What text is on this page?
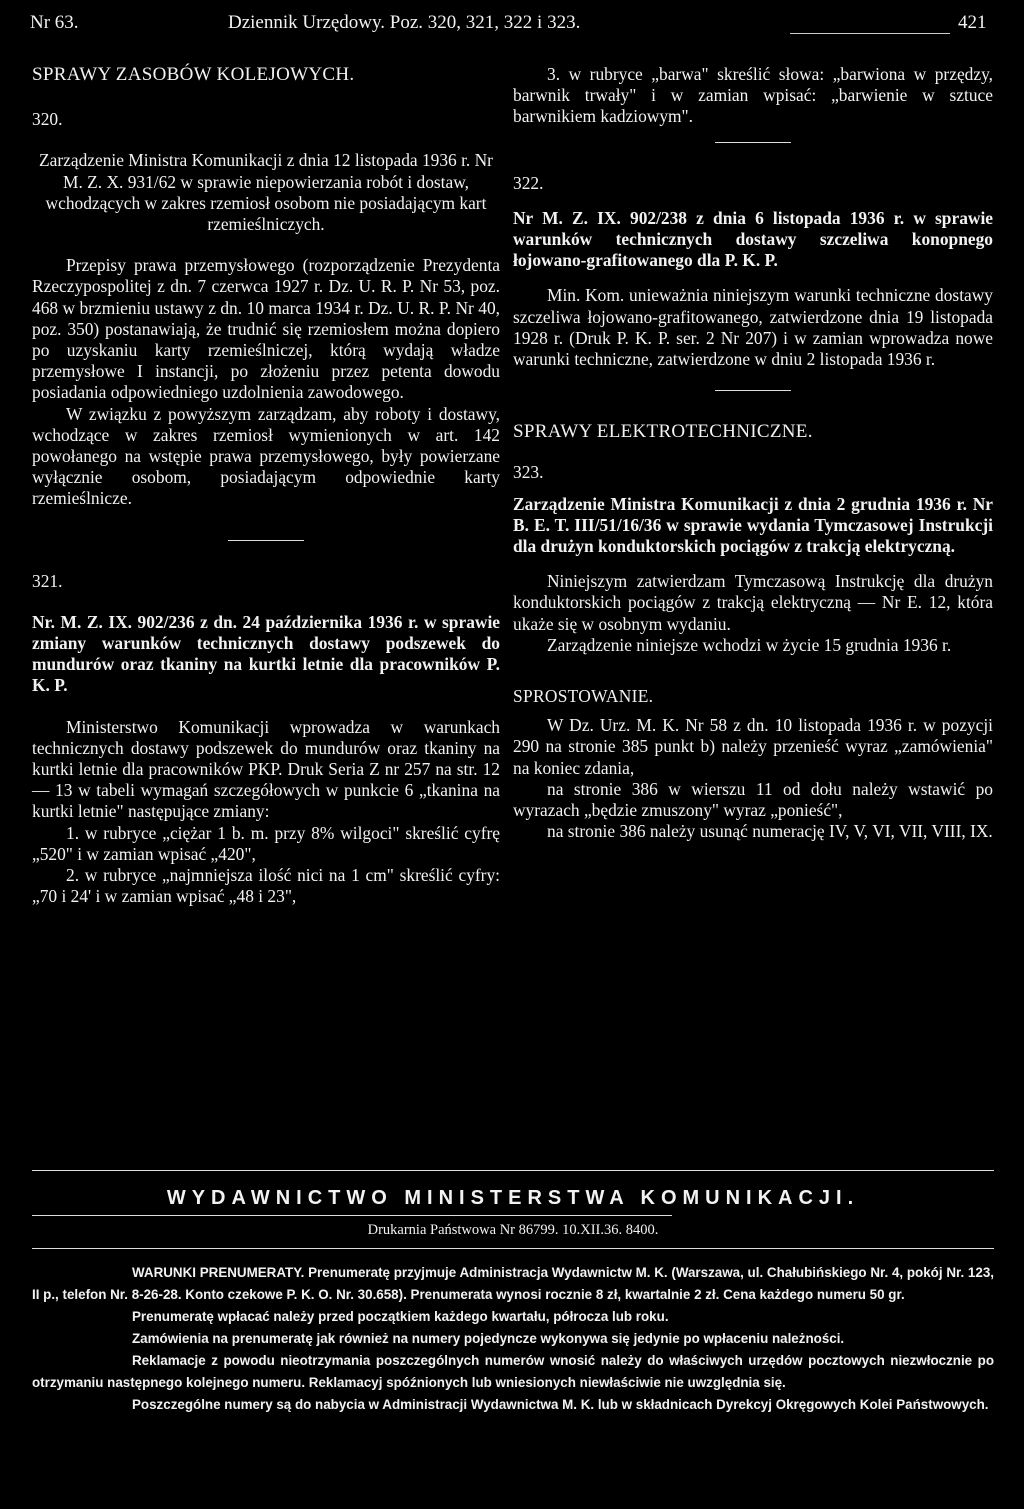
Nr 63.	Dziennik Urzędowy. Poz. 320, 321, 322 i 323.	421

SPRAWY ZASOBÓW KOLEJOWYCH.

320.

Zarządzenie Ministra Komunikacji z dnia 12 listopada 1936 r. Nr M. Z. X. 931/62 w sprawie niepowierzania robót i dostaw, wchodzących w zakres rzemiosł osobom nie posiadającym kart rzemieślniczych.

Przepisy prawa przemysłowego (rozporządzenie Prezydenta Rzeczypospolitej z dn. 7 czerwca 1927 r. Dz. U. R. P. Nr 53, poz. 468 w brzmieniu ustawy z dn. 10 marca 1934 r. Dz. U. R. P. Nr 40, poz. 350) postanawiają, że trudnić się rzemiosłem można dopiero po uzyskaniu karty rzemieślniczej, którą wydają władze przemysłowe I instancji, po złożeniu przez petenta dowodu posiadania odpowiedniego uzdolnienia zawodowego.

W związku z powyższym zarządzam, aby roboty i dostawy, wchodzące w zakres rzemiosł wymienionych w art. 142 powołanego na wstępie prawa przemysłowego, były powierzane wyłącznie osobom, posiadającym odpowiednie karty rzemieślnicze.

321.

Nr. M. Z. IX. 902/236 z dn. 24 października 1936 r. w sprawie zmiany warunków technicznych dostawy podszewek do mundurów oraz tkaniny na kurtki letnie dla pracowników P. K. P.

Ministerstwo Komunikacji wprowadza w warunkach technicznych dostawy podszewek do mundurów oraz tkaniny na kurtki letnie dla pracowników PKP. Druk Seria Z nr 257 na str. 12 — 13 w tabeli wymagań szczegółowych w punkcie 6 „tkanina na kurtki letnie" następujące zmiany:

1. w rubryce „ciężar 1 b. m. przy 8% wilgoci" skreślić cyfrę „520" i w zamian wpisać „420",

2. w rubryce „najmniejsza ilość nici na 1 cm" skreślić cyfry: „70 i 24' i w zamian wpisać „48 i 23",

3. w rubryce „barwa" skreślić słowa: „barwiona w przędzy, barwnik trwały" i w zamian wpisać: „barwienie w sztuce barwnikiem kadziowym".

322.

Nr M. Z. IX. 902/238 z dnia 6 listopada 1936 r. w sprawie warunków technicznych dostawy szczeliwa konopnego łojowano-grafitowanego dla P. K. P.

Min. Kom. unieważnia niniejszym warunki techniczne dostawy szczeliwa łojowano-grafitowanego, zatwierdzone dnia 19 listopada 1928 r. (Druk P. K. P. ser. 2 Nr 207) i w zamian wprowadza nowe warunki techniczne, zatwierdzone w dniu 2 listopada 1936 r.

SPRAWY ELEKTROTECHNICZNE.

323.

Zarządzenie Ministra Komunikacji z dnia 2 grudnia 1936 r. Nr B. E. T. III/51/16/36 w sprawie wydania Tymczasowej Instrukcji dla drużyn konduktorskich pociągów z trakcją elektryczną.

Niniejszym zatwierdzam Tymczasową Instrukcję dla drużyn konduktorskich pociągów z trakcją elektryczną — Nr E. 12, która ukaże się w osobnym wydaniu.

Zarządzenie niniejsze wchodzi w życie 15 grudnia 1936 r.

SPROSTOWANIE.

W Dz. Urz. M. K. Nr 58 z dn. 10 listopada 1936 r. w pozycji 290 na stronie 385 punkt b) należy przenieść wyraz „zamówienia" na koniec zdania,

na stronie 386 w wierszu 11 od dołu należy wstawić po wyrazach „będzie zmuszony" wyraz „ponieść",

na stronie 386 należy usunąć numerację IV, V, VI, VII, VIII, IX.

WYDAWNICTWO MINISTERSTWA KOMUNIKACJI.
Drukarnia Państwowa Nr 86799. 10.XII.36. 8400.

WARUNKI PRENUMERATY. Prenumeratę przyjmuje Administracja Wydawnictw M. K. (Warszawa, ul. Chałubińskiego Nr. 4, pokój Nr. 123, II p., telefon Nr. 8-26-28. Konto czekowe P. K. O. Nr. 30.658). Prenumerata wynosi rocznie 8 zł, kwartalnie 2 zł. Cena każdego numeru 50 gr.

Prenumeratę wpłacać należy przed początkiem każdego kwartału, półrocza lub roku.

Zamówienia na prenumeratę jak również na numery pojedyncze wykonywa się jedynie po wpłaceniu należności.

Reklamacje z powodu nieotrzymania poszczególnych numerów wnosić należy do właściwych urzędów pocztowych niezwłocznie po otrzymaniu następnego kolejnego numeru. Reklamacyj spóźnionych lub wniesionych niewłaściwie nie uwzględnia się.

Poszczególne numery są do nabycia w Administracji Wydawnictwa M. K. lub w składnicach Dyrekcyj Okręgowych Kolei Państwowych.
